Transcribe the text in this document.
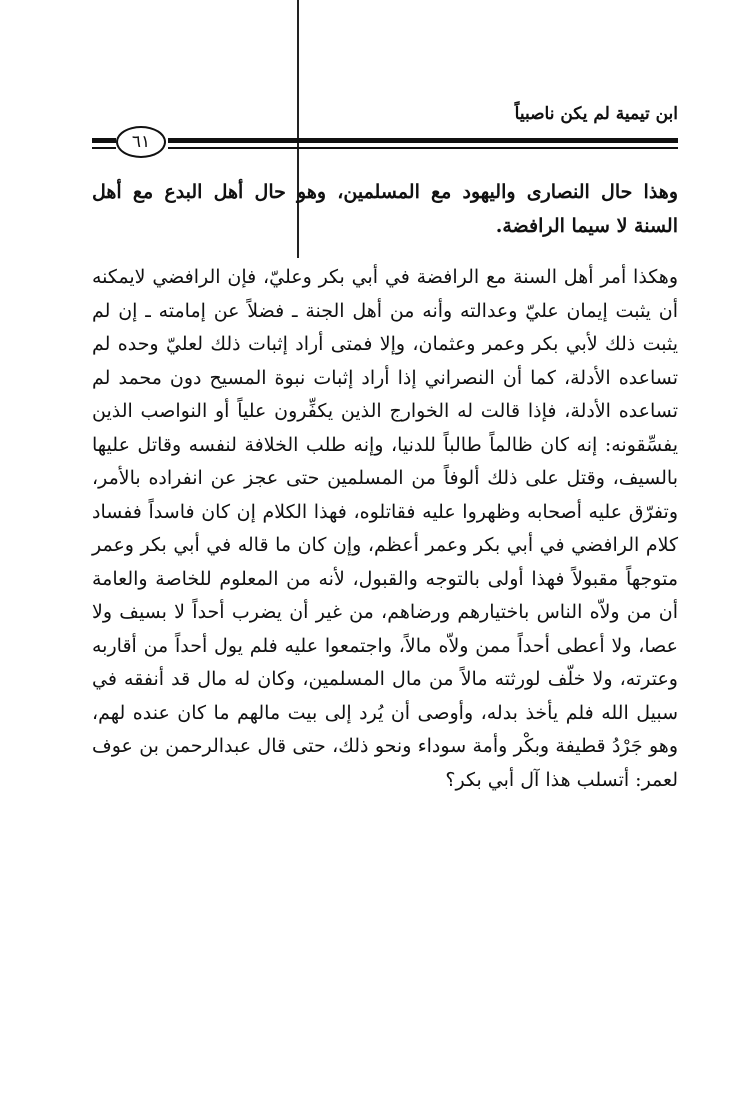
ابن تيمية لم يكن ناصبياً
٦١

وهذا حال النصارى واليهود مع المسلمين، وهو حال أهل البدع مع أهل السنة لا سيما الرافضة.

وهكذا أمر أهل السنة مع الرافضة في أبي بكر وعليّ، فإن الرافضي لايمكنه أن يثبت إيمان عليّ وعدالته وأنه من أهل الجنة ـ فضلاً عن إمامته ـ إن لم يثبت ذلك لأبي بكر وعمر وعثمان، وإلا فمتى أراد إثبات ذلك لعليّ وحده لم تساعده الأدلة، كما أن النصراني إذا أراد إثبات نبوة المسيح دون محمد لم تساعده الأدلة، فإذا قالت له الخوارج الذين يكفِّرون علياً أو النواصب الذين يفسِّقونه: إنه كان ظالماً طالباً للدنيا، وإنه طلب الخلافة لنفسه وقاتل عليها بالسيف، وقتل على ذلك ألوفاً من المسلمين حتى عجز عن انفراده بالأمر، وتفرّق عليه أصحابه وظهروا عليه فقاتلوه، فهذا الكلام إن كان فاسداً ففساد كلام الرافضي في أبي بكر وعمر أعظم، وإن كان ما قاله في أبي بكر وعمر متوجهاً مقبولاً فهذا أولى بالتوجه والقبول، لأنه من المعلوم للخاصة والعامة أن من ولاّه الناس باختيارهم ورضاهم، من غير أن يضرب أحداً لا بسيف ولا عصا، ولا أعطى أحداً ممن ولاّه مالاً، واجتمعوا عليه فلم يول أحداً من أقاربه وعترته، ولا خلّف لورثته مالاً من مال المسلمين، وكان له مال قد أنفقه في سبيل الله فلم يأخذ بدله، وأوصى أن يُرد إلى بيت مالهم ما كان عنده لهم، وهو جَرْدُ قطيفة وبكْر وأمة سوداء ونحو ذلك، حتى قال عبدالرحمن بن عوف لعمر: أتسلب هذا آل أبي بكر؟
